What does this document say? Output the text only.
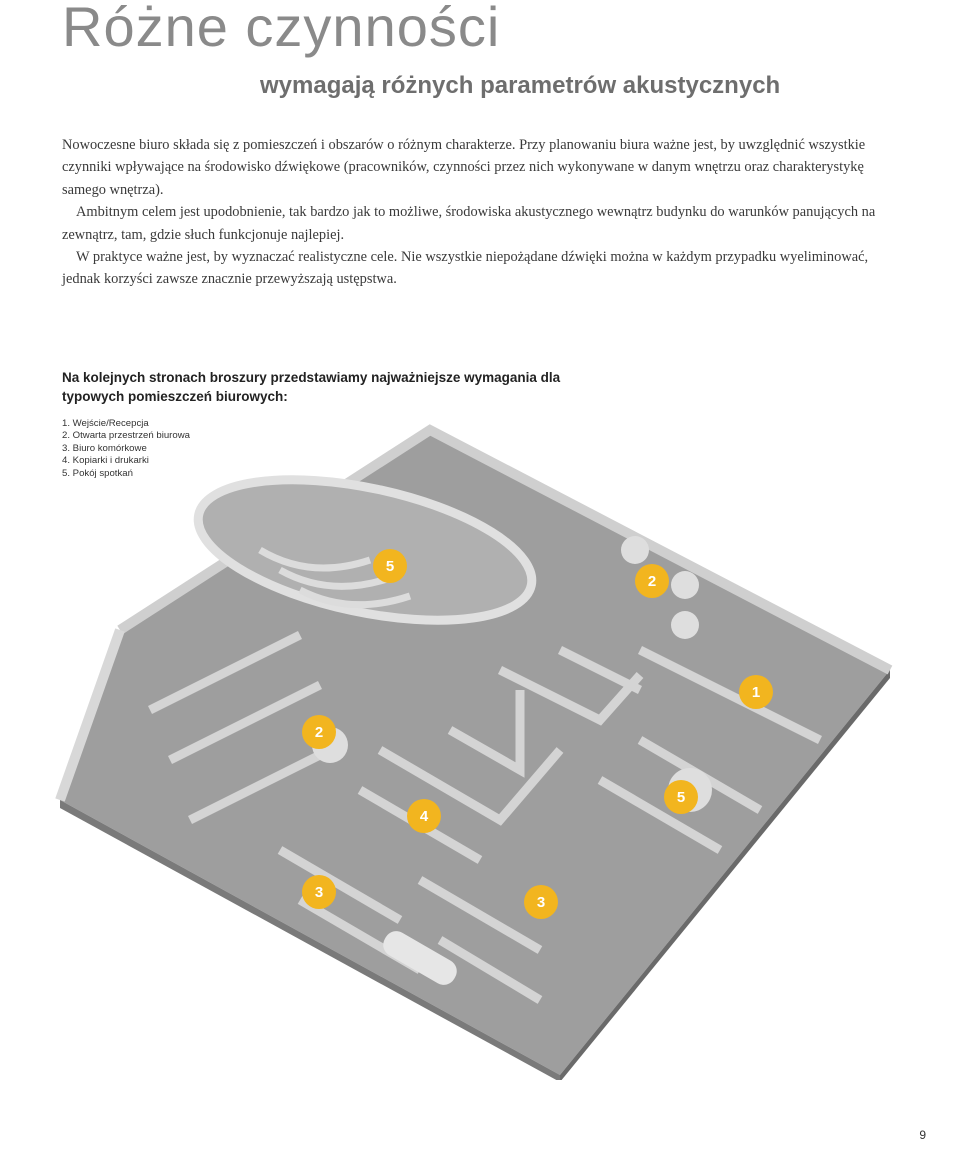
Różne czynności
wymagają różnych parametrów akustycznych

Nowoczesne biuro składa się z pomieszczeń i obszarów o różnym charakterze. Przy planowaniu biura ważne jest, by uwzględnić wszystkie czynniki wpływające na środowisko dźwiękowe (pracowników, czynności przez nich wykonywane w danym wnętrzu oraz charakterystykę samego wnętrza).

Ambitnym celem jest upodobnienie, tak bardzo jak to możliwe, środowiska akustycznego wewnątrz budynku do warunków panujących na zewnątrz, tam, gdzie słuch funkcjonuje najlepiej.

W praktyce ważne jest, by wyznaczać realistyczne cele. Nie wszystkie niepożądane dźwięki można w każdym przypadku wyeliminować, jednak korzyści zawsze znacznie przewyższają ustępstwa.

Na kolejnych stronach broszury przedstawiamy najważniejsze wymagania dla typowych pomieszczeń biurowych:

1. Wejście/Recepcja
2. Otwarta przestrzeń biurowa
3. Biuro komórkowe
4. Kopiarki i drukarki
5. Pokój spotkań
5
2
1
2
5
4
3
3
9
